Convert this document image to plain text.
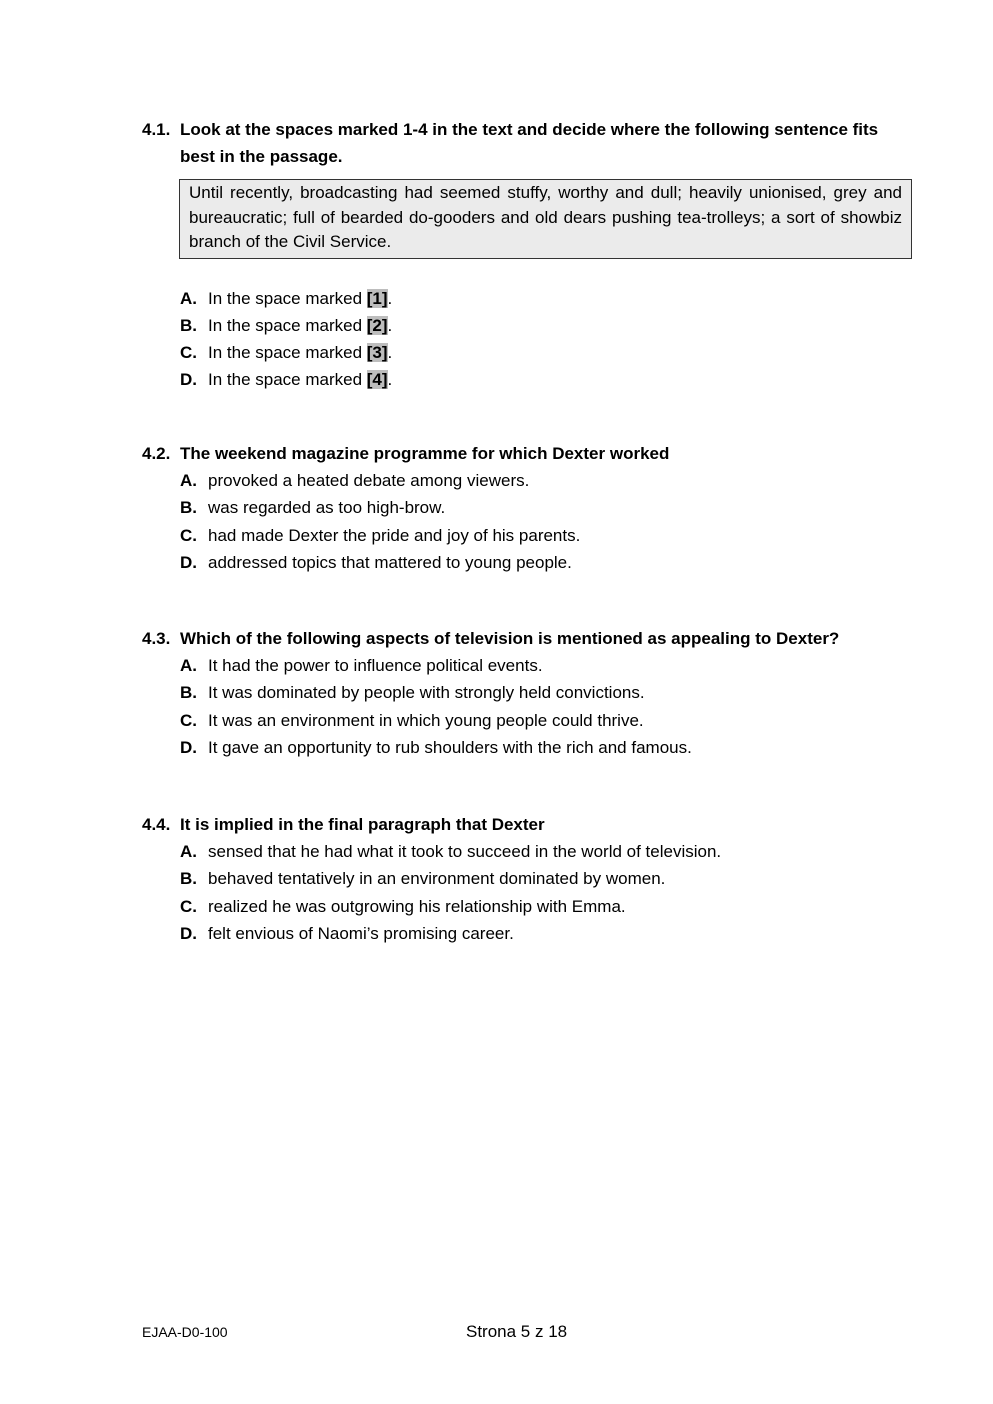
4.1. Look at the spaces marked 1-4 in the text and decide where the following sentence fits best in the passage.
Until recently, broadcasting had seemed stuffy, worthy and dull; heavily unionised, grey and bureaucratic; full of bearded do-gooders and old dears pushing tea-trolleys; a sort of showbiz branch of the Civil Service.
A. In the space marked [1].
B. In the space marked [2].
C. In the space marked [3].
D. In the space marked [4].
4.2. The weekend magazine programme for which Dexter worked
A. provoked a heated debate among viewers.
B. was regarded as too high-brow.
C. had made Dexter the pride and joy of his parents.
D. addressed topics that mattered to young people.
4.3. Which of the following aspects of television is mentioned as appealing to Dexter?
A. It had the power to influence political events.
B. It was dominated by people with strongly held convictions.
C. It was an environment in which young people could thrive.
D. It gave an opportunity to rub shoulders with the rich and famous.
4.4. It is implied in the final paragraph that Dexter
A. sensed that he had what it took to succeed in the world of television.
B. behaved tentatively in an environment dominated by women.
C. realized he was outgrowing his relationship with Emma.
D. felt envious of Naomi’s promising career.
EJAA-D0-100	Strona 5 z 18
